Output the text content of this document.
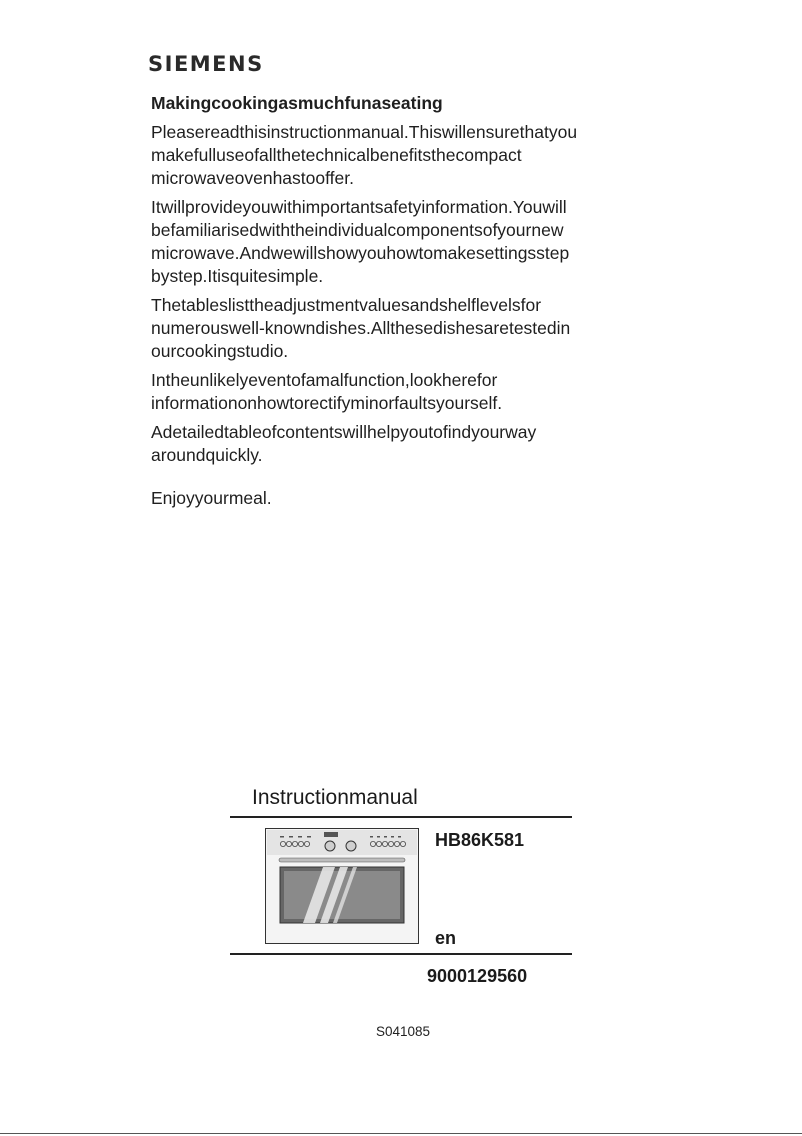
SIEMENS
Makingcookingasmuchfunaseating

Pleasereadthisinstructionmanual.Thiswillensurethatyou
makefulluseofallthetechnicalbenefitsthecompact
microwaveovenhastooffer.

Itwillprovideyouwithimportantsafetyinformation.Youwill
befamiliarisedwiththeindividualcomponentsofyournew
microwave.Andwewillshowyouhowtomakesettingsstep
bystep.Itisquitesimple.

Thetableslisttheadjustmentvaluesandshelflevelsfor
numerouswell-knowndishes.Allthesedishesaretestedin
ourcookingstudio.

Intheunlikelyeventofamalfunction,lookherefor
informationonhowtorectifyminorfaultsyourself.

Adetailedtableofcontentswillhelpyoutofindyourway
aroundquickly.

Enjoyyourmeal.

Instructionmanual
HB86K581
en
9000129560
S041085
